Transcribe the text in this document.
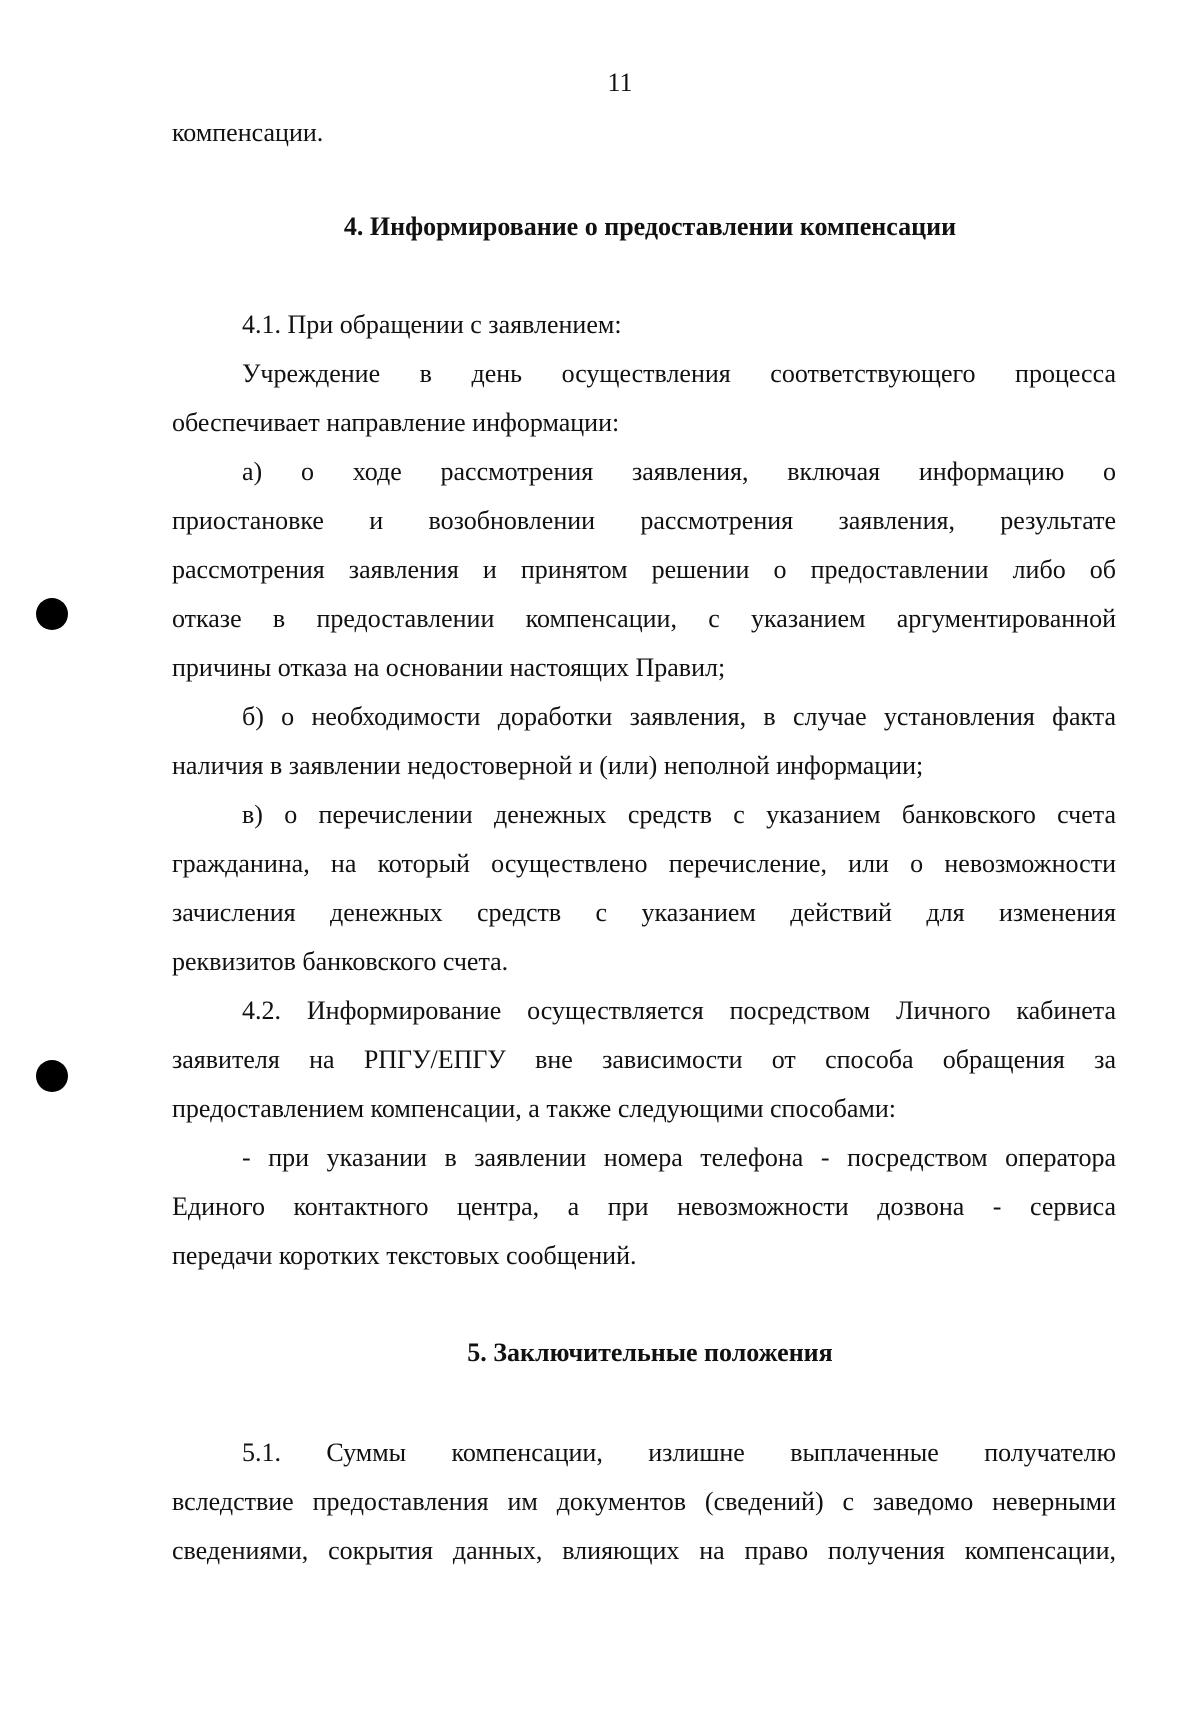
11
компенсации.
4. Информирование о предоставлении компенсации
4.1. При обращении с заявлением:
Учреждение в день осуществления соответствующего процесса
обеспечивает направление информации:
а) о ходе рассмотрения заявления, включая информацию о
приостановке и возобновлении рассмотрения заявления, результате
рассмотрения заявления и принятом решении о предоставлении либо об
отказе в предоставлении компенсации, с указанием аргументированной
причины отказа на основании настоящих Правил;
б) о необходимости доработки заявления, в случае установления факта
наличия в заявлении недостоверной и (или) неполной информации;
в) о перечислении денежных средств с указанием банковского счета
гражданина, на который осуществлено перечисление, или о невозможности
зачисления денежных средств с указанием действий для изменения
реквизитов банковского счета.
4.2. Информирование осуществляется посредством Личного кабинета
заявителя на РПГУ/ЕПГУ вне зависимости от способа обращения за
предоставлением компенсации, а также следующими способами:
- при указании в заявлении номера телефона - посредством оператора
Единого контактного центра, а при невозможности дозвона - сервиса
передачи коротких текстовых сообщений.
5. Заключительные положения
5.1. Суммы компенсации, излишне выплаченные получателю
вследствие предоставления им документов (сведений) с заведомо неверными
сведениями, сокрытия данных, влияющих на право получения компенсации,
